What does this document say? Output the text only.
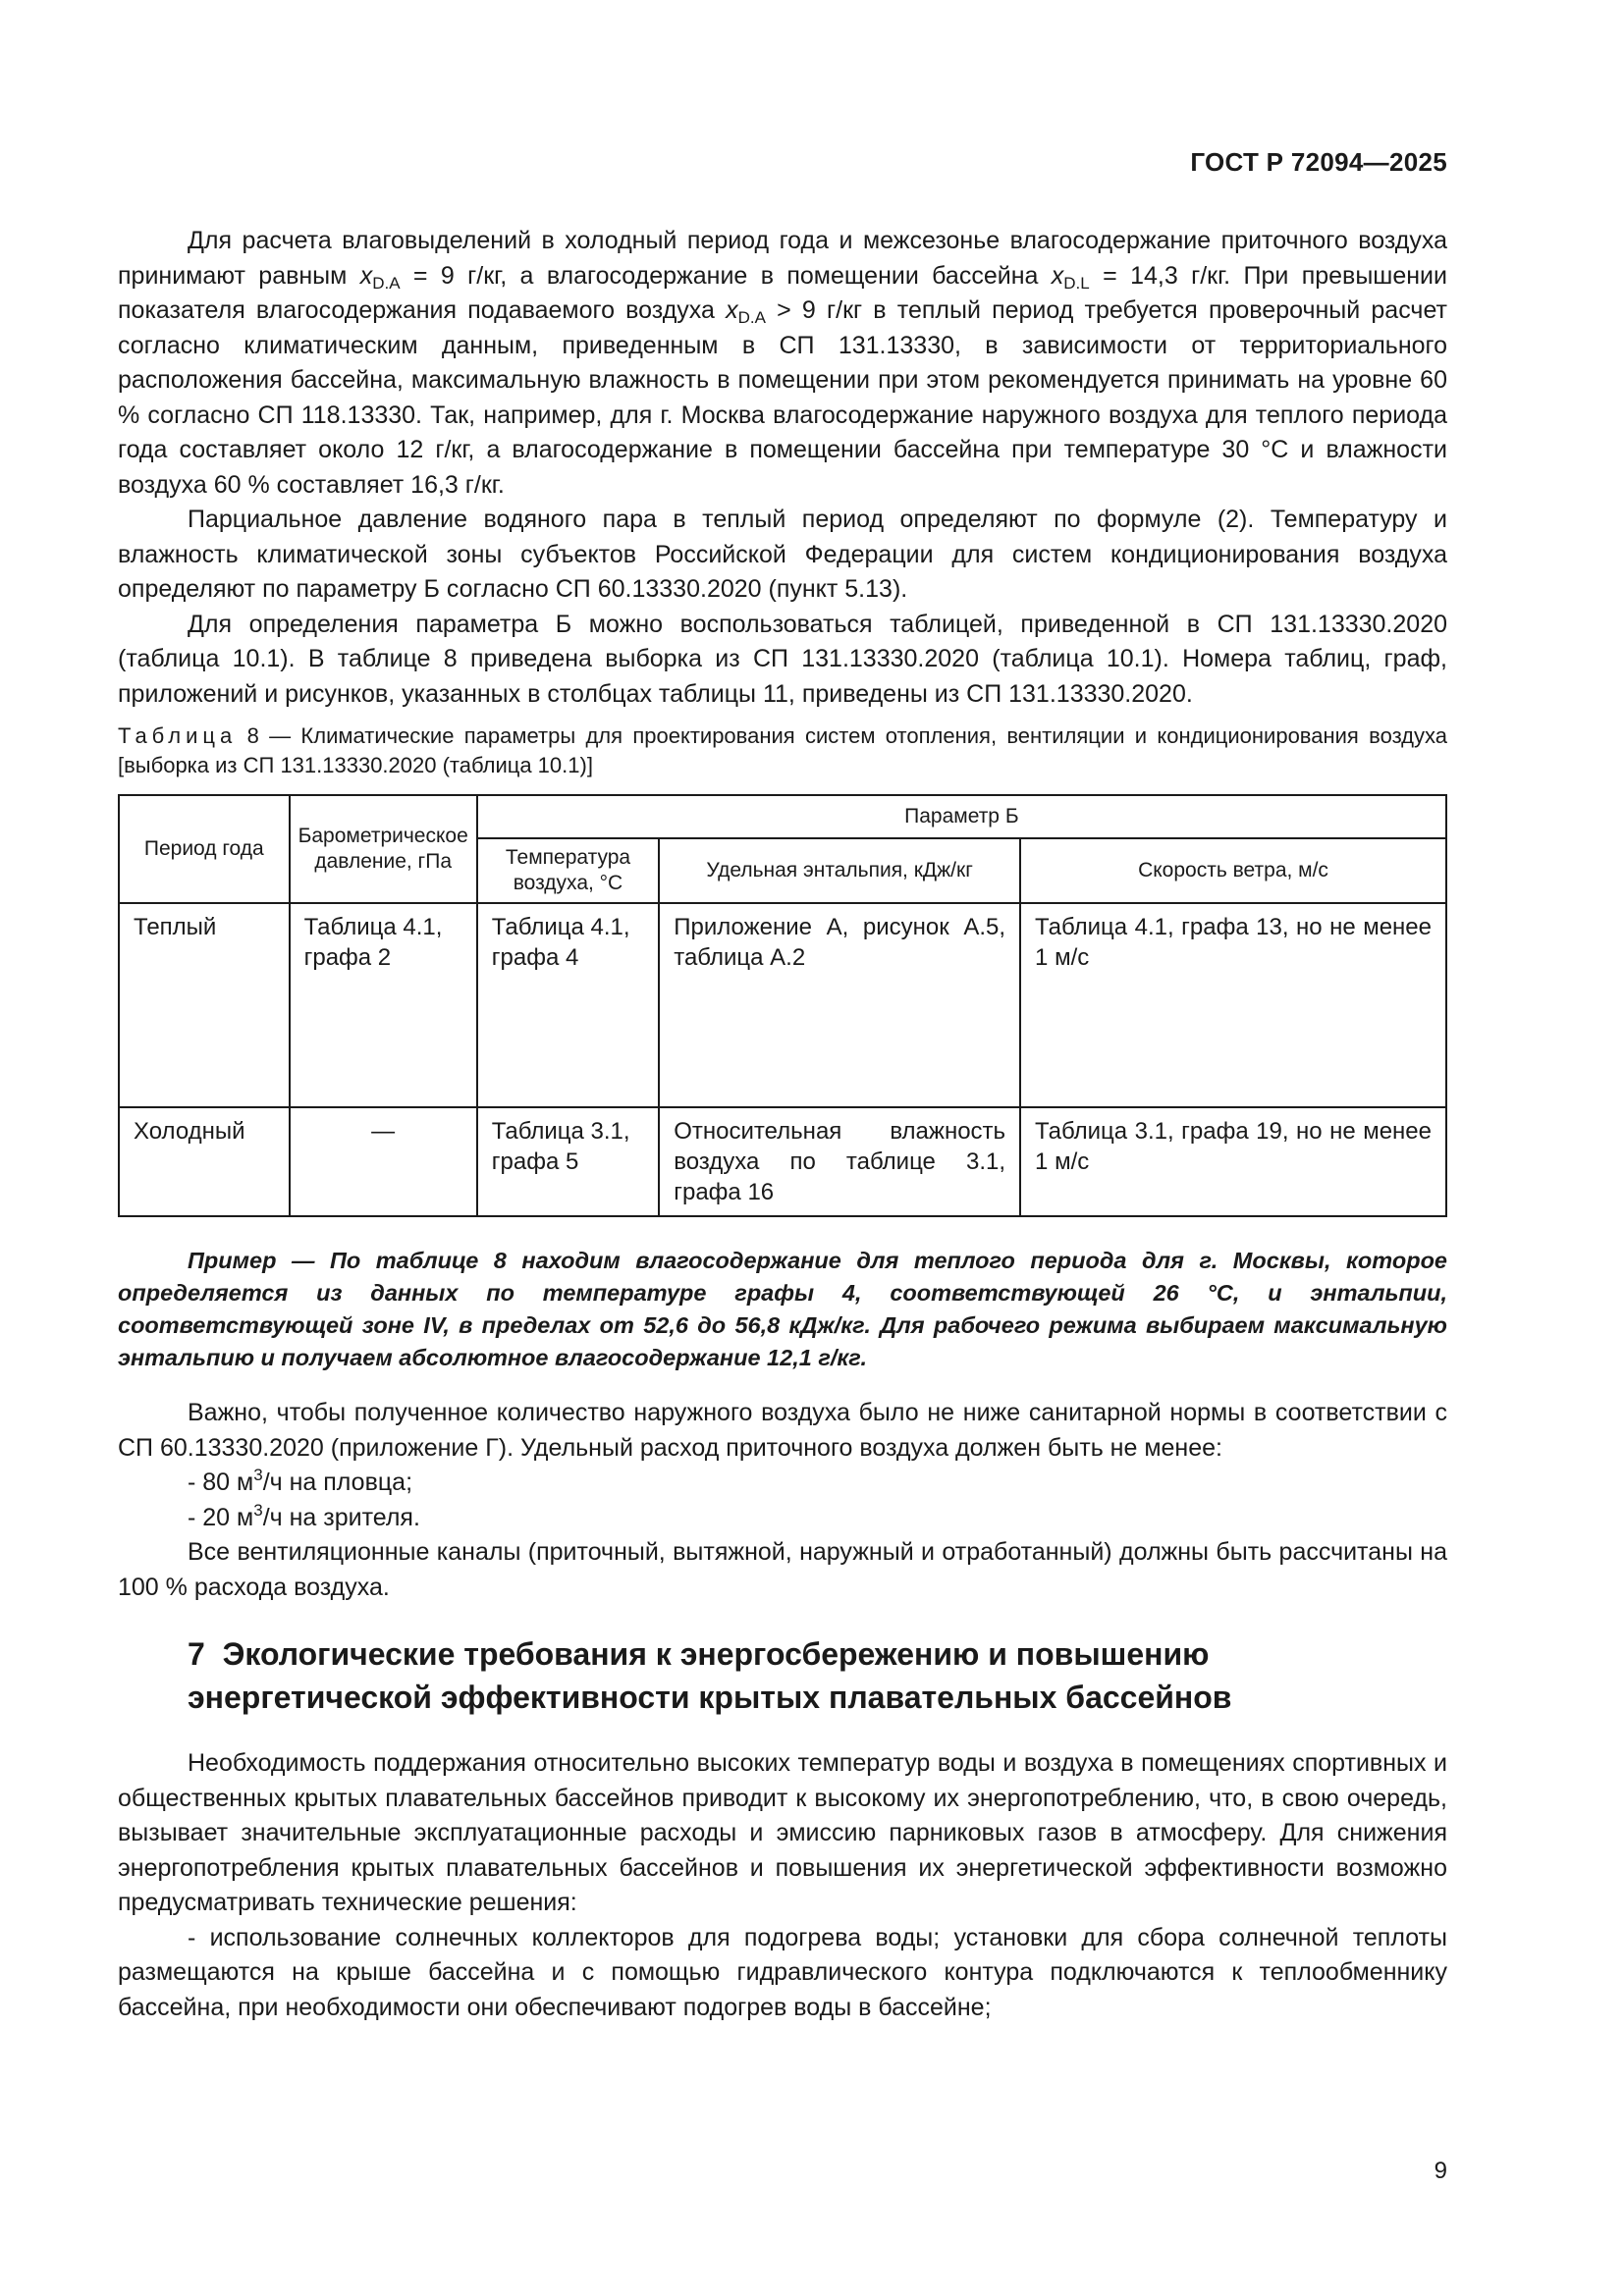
ГОСТ Р 72094—2025

Для расчета влаговыделений в холодный период года и межсезонье влагосодержание приточного воздуха принимают равным $x_{D.A} = 9$ г/кг, а влагосодержание в помещении бассейна $x_{D.L} = 14,3$ г/кг. При превышении показателя влагосодержания подаваемого воздуха $x_{D.A} > 9$ г/кг в теплый период требуется проверочный расчет согласно климатическим данным, приведенным в СП 131.13330, в зависимости от территориального расположения бассейна, максимальную влажность в помещении при этом рекомендуется принимать на уровне 60 % согласно СП 118.13330. Так, например, для г. Москва влагосодержание наружного воздуха для теплого периода года составляет около 12 г/кг, а влагосодержание в помещении бассейна при температуре 30 °С и влажности воздуха 60 % составляет 16,3 г/кг.

Парциальное давление водяного пара в теплый период определяют по формуле (2). Температуру и влажность климатической зоны субъектов Российской Федерации для систем кондиционирования воздуха определяют по параметру Б согласно СП 60.13330.2020 (пункт 5.13).

Для определения параметра Б можно воспользоваться таблицей, приведенной в СП 131.13330.2020 (таблица 10.1). В таблице 8 приведена выборка из СП 131.13330.2020 (таблица 10.1). Номера таблиц, граф, приложений и рисунков, указанных в столбцах таблицы 11, приведены из СП 131.13330.2020.

Таблица 8 — Климатические параметры для проектирования систем отопления, вентиляции и кондиционирования воздуха [выборка из СП 131.13330.2020 (таблица 10.1)]

Период года	Барометрическое давление, гПа	Параметр Б		
		Температура воздуха, °С	Удельная энтальпия, кДж/кг	Скорость ветра, м/с
Теплый	Таблица 4.1, графа 2	Таблица 4.1, графа 4	Приложение А, рисунок А.5, таблица А.2	Таблица 4.1, графа 13, но не менее 1 м/с
Холодный	—	Таблица 3.1, графа 5	Относительная влажность воздуха по таблице 3.1, графа 16	Таблица 3.1, графа 19, но не менее 1 м/с

Пример — По таблице 8 находим влагосодержание для теплого периода для г. Москвы, которое определяется из данных по температуре графы 4, соответствующей 26 °С, и энтальпии, соответствующей зоне IV, в пределах от 52,6 до 56,8 кДж/кг. Для рабочего режима выбираем максимальную энтальпию и получаем абсолютное влагосодержание 12,1 г/кг.

Важно, чтобы полученное количество наружного воздуха было не ниже санитарной нормы в соответствии с СП 60.13330.2020 (приложение Г). Удельный расход приточного воздуха должен быть не менее:

- 80 $м^3/ч$ на пловца;

- 20 $м^3/ч$ на зрителя.

Все вентиляционные каналы (приточный, вытяжной, наружный и отработанный) должны быть рассчитаны на 100 % расхода воздуха.

7 Экологические требования к энергосбережению и повышению
энергетической эффективности крытых плавательных бассейнов

Необходимость поддержания относительно высоких температур воды и воздуха в помещениях спортивных и общественных крытых плавательных бассейнов приводит к высокому их энергопотреблению, что, в свою очередь, вызывает значительные эксплуатационные расходы и эмиссию парниковых газов в атмосферу. Для снижения энергопотребления крытых плавательных бассейнов и повышения их энергетической эффективности возможно предусматривать технические решения:

- использование солнечных коллекторов для подогрева воды; установки для сбора солнечной теплоты размещаются на крыше бассейна и с помощью гидравлического контура подключаются к теплообменнику бассейна, при необходимости они обеспечивают подогрев воды в бассейне;

9
